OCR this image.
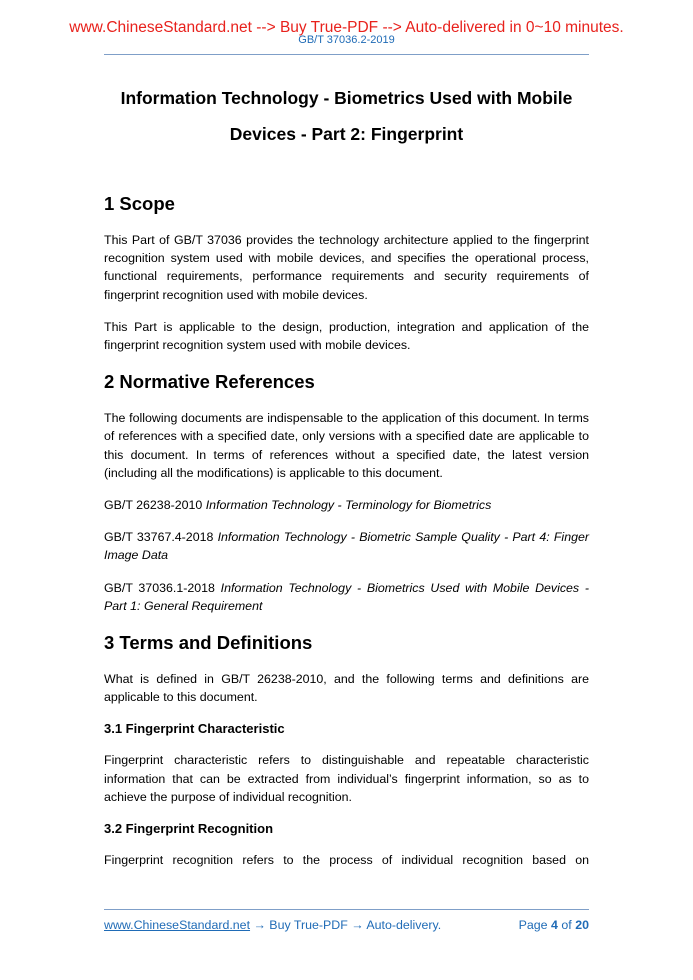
www.ChineseStandard.net --> Buy True-PDF --> Auto-delivered in 0~10 minutes.
GB/T 37036.2-2019
Information Technology - Biometrics Used with Mobile
Devices - Part 2: Fingerprint
1 Scope

This Part of GB/T 37036 provides the technology architecture applied to the fingerprint recognition system used with mobile devices, and specifies the operational process, functional requirements, performance requirements and security requirements of fingerprint recognition used with mobile devices.

This Part is applicable to the design, production, integration and application of the fingerprint recognition system used with mobile devices.

2 Normative References

The following documents are indispensable to the application of this document. In terms of references with a specified date, only versions with a specified date are applicable to this document. In terms of references without a specified date, the latest version (including all the modifications) is applicable to this document.

GB/T 26238-2010 Information Technology - Terminology for Biometrics

GB/T 33767.4-2018 Information Technology - Biometric Sample Quality - Part 4: Finger Image Data

GB/T 37036.1-2018 Information Technology - Biometrics Used with Mobile Devices - Part 1: General Requirement

3 Terms and Definitions

What is defined in GB/T 26238-2010, and the following terms and definitions are applicable to this document.

3.1 Fingerprint Characteristic

Fingerprint characteristic refers to distinguishable and repeatable characteristic information that can be extracted from individual’s fingerprint information, so as to achieve the purpose of individual recognition.

3.2 Fingerprint Recognition

Fingerprint recognition refers to the process of individual recognition based on

www.ChineseStandard.net → Buy True-PDF → Auto-delivery.	Page 4 of 20
